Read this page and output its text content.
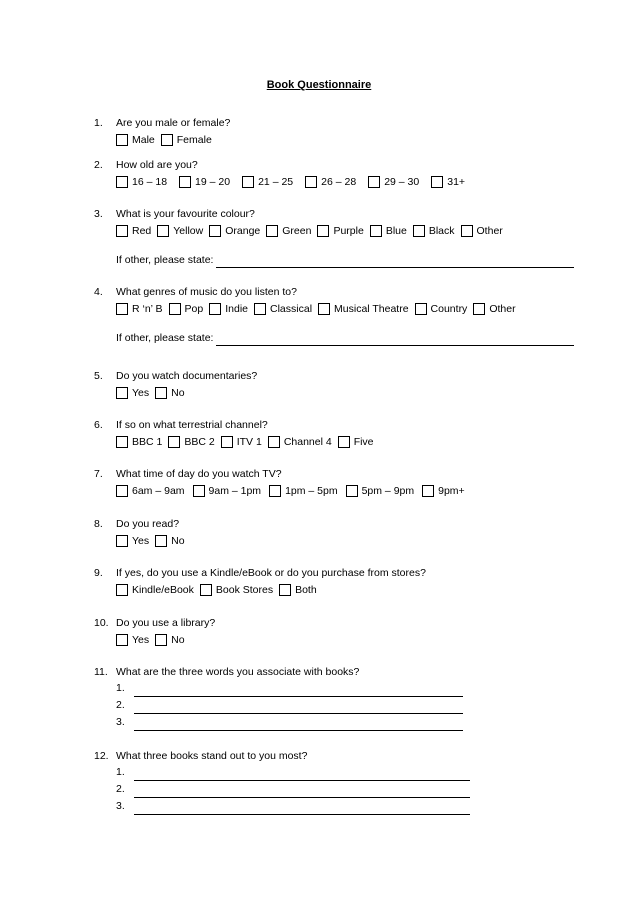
Book Questionnaire
1. Are you male or female?
Male Female
2. How old are you?
16 – 18	19 – 20	21 – 25	26 – 28	29 – 30	31+
3. What is your favourite colour?
Red Yellow Orange Green Purple Blue Black Other
If other, please state:
4. What genres of music do you listen to?
R ‘n’ B Pop Indie Classical Musical Theatre Country Other
If other, please state:
5. Do you watch documentaries?
Yes No
6. If so on what terrestrial channel?
BBC 1 BBC 2 ITV 1 Channel 4 Five
7. What time of day do you watch TV?
6am – 9am 9am – 1pm 1pm – 5pm 5pm – 9pm 9pm+
8. Do you read?
Yes No
9. If yes, do you use a Kindle/eBook or do you purchase from stores?
Kindle/eBook Book Stores Both
10. Do you use a library?
Yes No
11. What are the three words you associate with books?
1.
2.
3.
12. What three books stand out to you most?
1.
2.
3.
